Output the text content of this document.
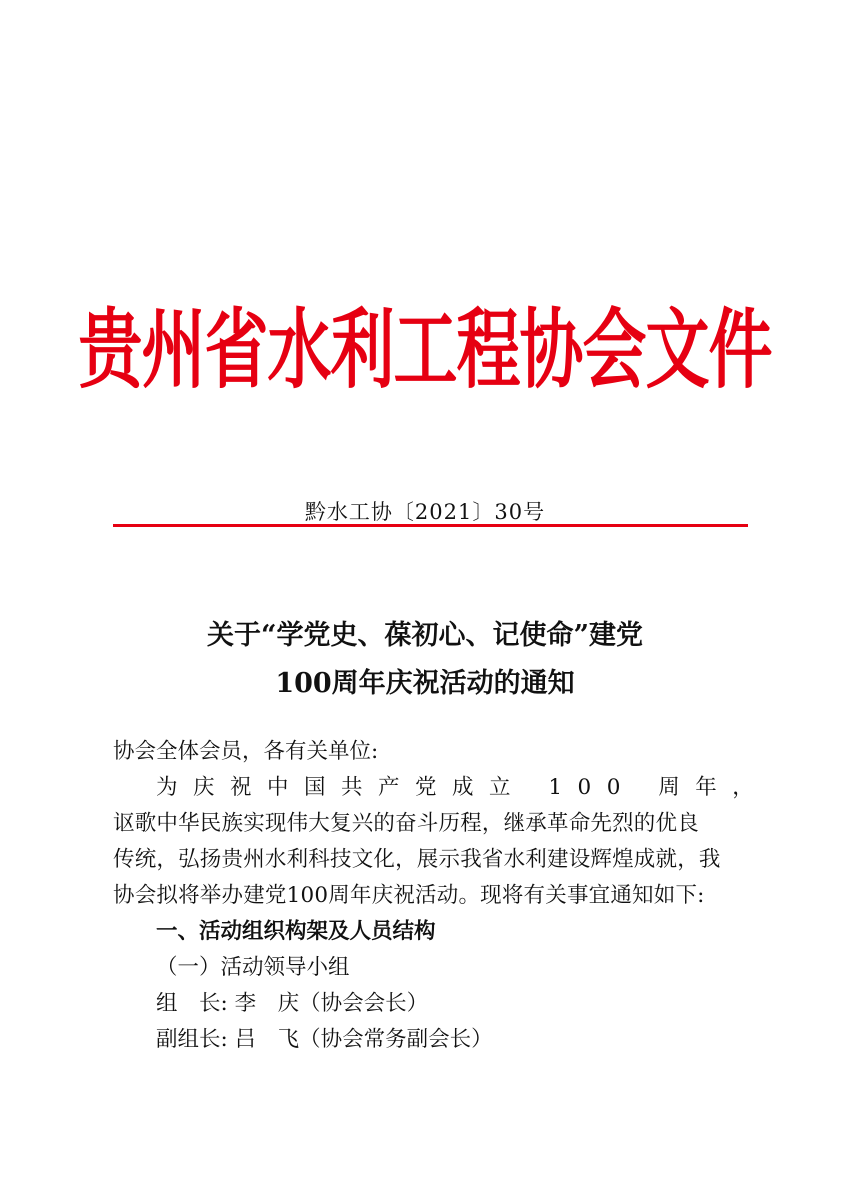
贵州省水利工程协会文件
黔水工协〔2021〕30号
关于“学党史、葆初心、记使命”建党
100周年庆祝活动的通知

协会全体会员，各有关单位:

为庆祝中国共产党成立 100 周年，

讴歌中华民族实现伟大复兴的奋斗历程，继承革命先烈的优良

传统，弘扬贵州水利科技文化，展示我省水利建设辉煌成就，我

协会拟将举办建党100周年庆祝活动。现将有关事宜通知如下:

一、活动组织构架及人员结构

（一）活动领导小组

组　长: 李　庆（协会会长）

副组长: 吕　飞（协会常务副会长）
